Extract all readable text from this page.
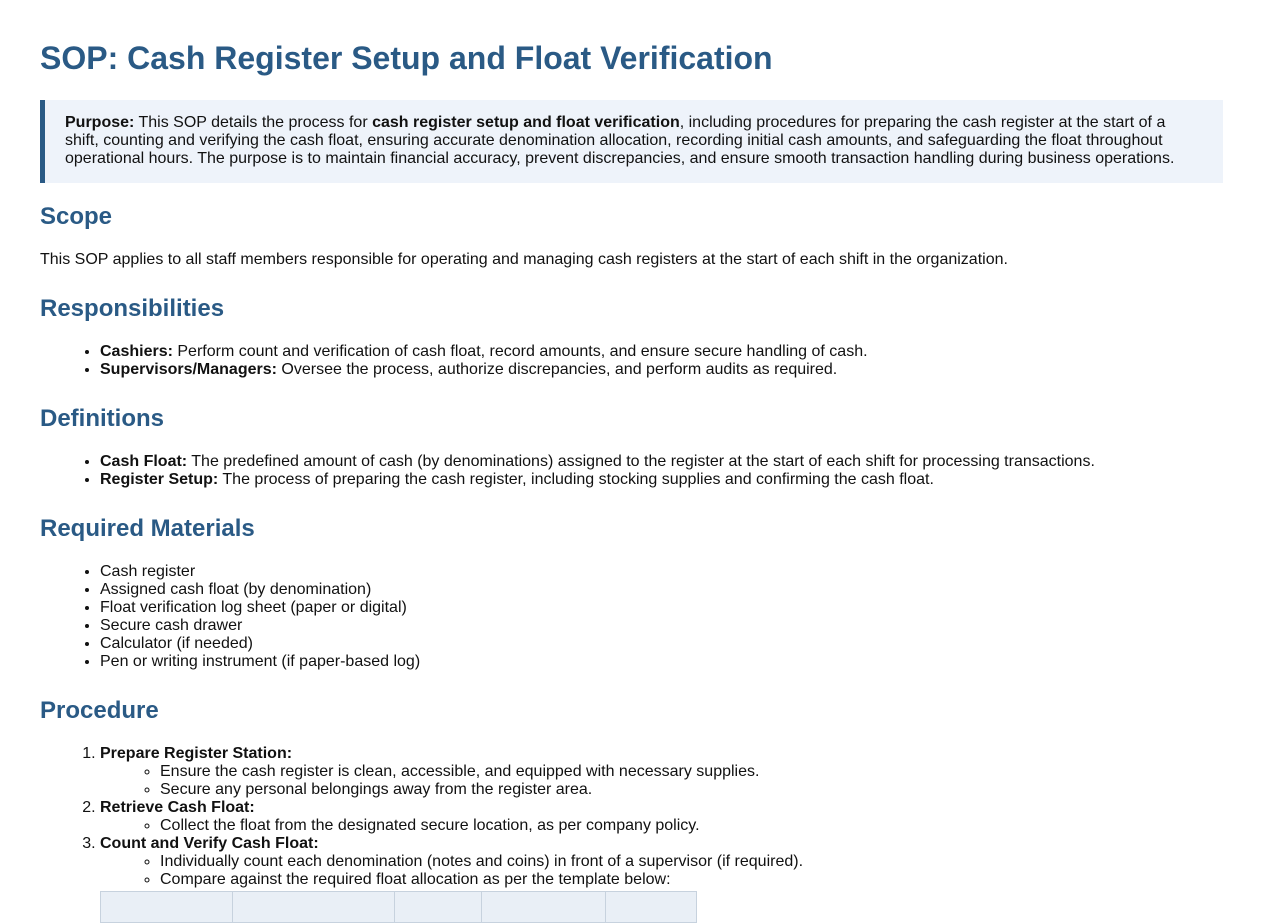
SOP: Cash Register Setup and Float Verification
Purpose: This SOP details the process for cash register setup and float verification, including procedures for preparing the cash register at the start of a shift, counting and verifying the cash float, ensuring accurate denomination allocation, recording initial cash amounts, and safeguarding the float throughout operational hours. The purpose is to maintain financial accuracy, prevent discrepancies, and ensure smooth transaction handling during business operations.
Scope

This SOP applies to all staff members responsible for operating and managing cash registers at the start of each shift in the organization.

Responsibilities
• Cashiers: Perform count and verification of cash float, record amounts, and ensure secure handling of cash.
• Supervisors/Managers: Oversee the process, authorize discrepancies, and perform audits as required.
Definitions
• Cash Float: The predefined amount of cash (by denominations) assigned to the register at the start of each shift for processing transactions.
• Register Setup: The process of preparing the cash register, including stocking supplies and confirming the cash float.
Required Materials
• Cash register
• Assigned cash float (by denomination)
• Float verification log sheet (paper or digital)
• Secure cash drawer
• Calculator (if needed)
• Pen or writing instrument (if paper-based log)
Procedure
1. Prepare Register Station:
◦ Ensure the cash register is clean, accessible, and equipped with necessary supplies.
◦ Secure any personal belongings away from the register area.
2. Retrieve Cash Float:
◦ Collect the float from the designated secure location, as per company policy.
3. Count and Verify Cash Float:
◦ Individually count each denomination (notes and coins) in front of a supervisor (if required).
◦ Compare against the required float allocation as per the template below:
